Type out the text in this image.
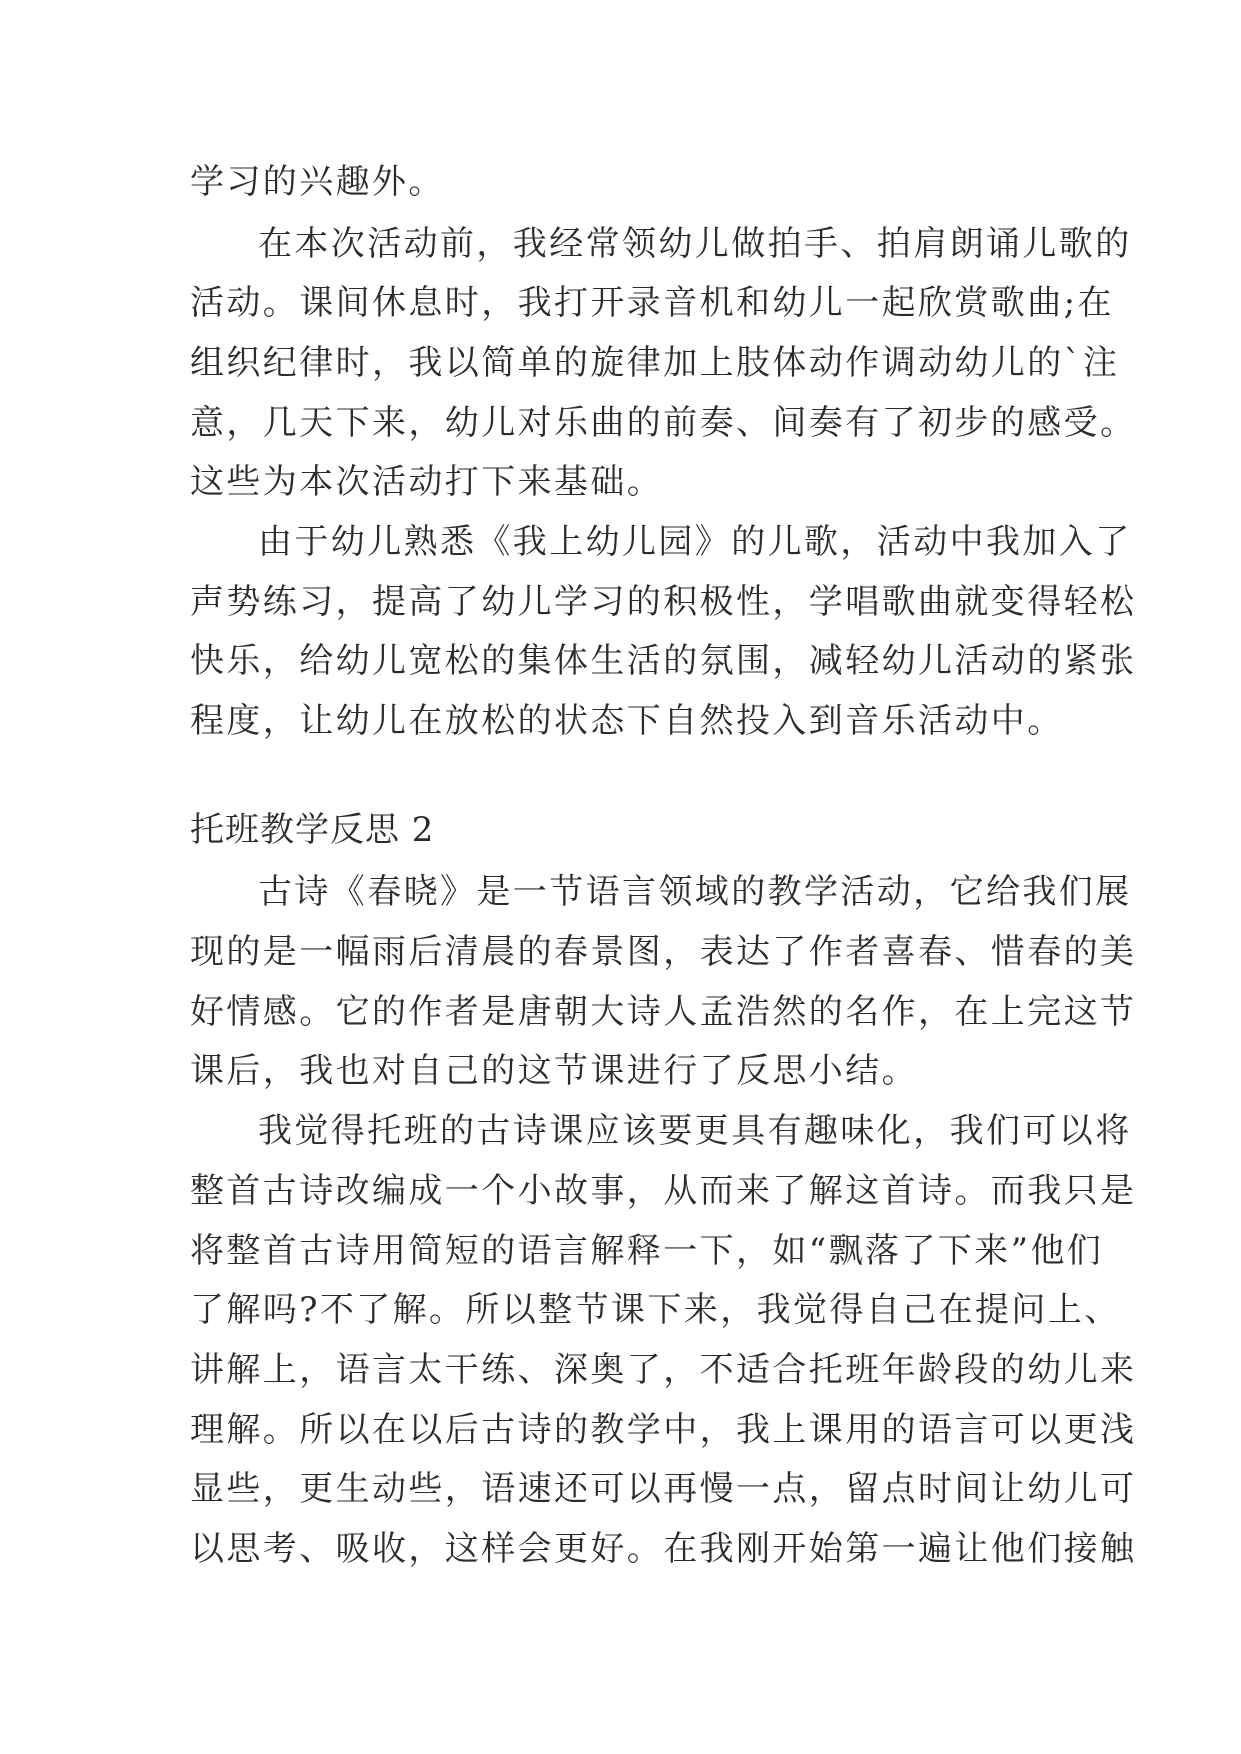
学习的兴趣外。
在本次活动前，我经常领幼儿做拍手、拍肩朗诵儿歌的
活动。课间休息时，我打开录音机和幼儿一起欣赏歌曲;在
组织纪律时，我以简单的旋律加上肢体动作调动幼儿的`注
意，几天下来，幼儿对乐曲的前奏、间奏有了初步的感受。
这些为本次活动打下来基础。
由于幼儿熟悉《我上幼儿园》的儿歌，活动中我加入了
声势练习，提高了幼儿学习的积极性，学唱歌曲就变得轻松
快乐，给幼儿宽松的集体生活的氛围，减轻幼儿活动的紧张
程度，让幼儿在放松的状态下自然投入到音乐活动中。
托班教学反思 2
古诗《春晓》是一节语言领域的教学活动，它给我们展
现的是一幅雨后清晨的春景图，表达了作者喜春、惜春的美
好情感。它的作者是唐朝大诗人孟浩然的名作，在上完这节
课后，我也对自己的这节课进行了反思小结。
我觉得托班的古诗课应该要更具有趣味化，我们可以将
整首古诗改编成一个小故事，从而来了解这首诗。而我只是
将整首古诗用简短的语言解释一下，如“飘落了下来”他们
了解吗?不了解。所以整节课下来，我觉得自己在提问上、
讲解上，语言太干练、深奥了，不适合托班年龄段的幼儿来
理解。所以在以后古诗的教学中，我上课用的语言可以更浅
显些，更生动些，语速还可以再慢一点，留点时间让幼儿可
以思考、吸收，这样会更好。在我刚开始第一遍让他们接触
